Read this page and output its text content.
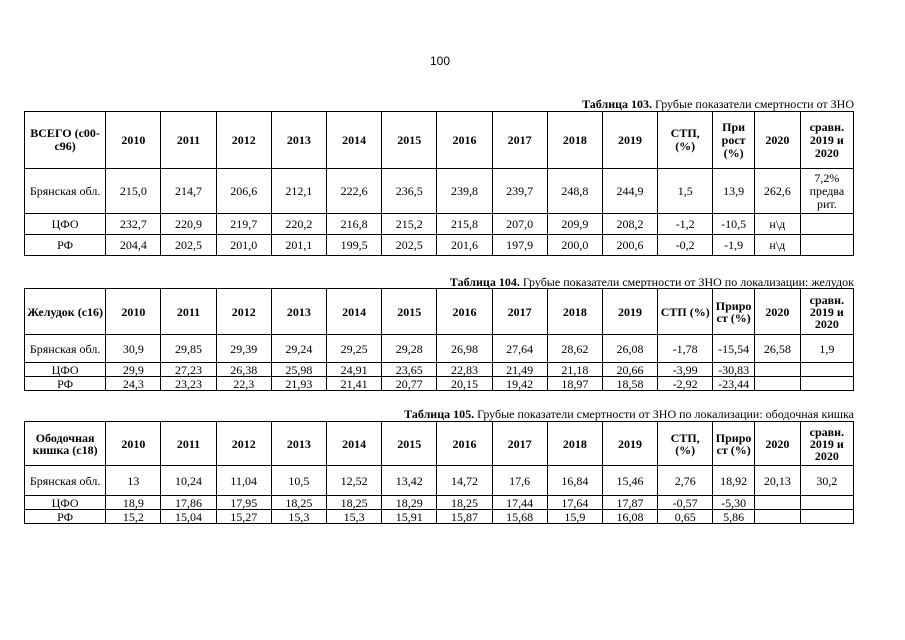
100
Таблица 103. Грубые показатели смертности от ЗНО
ВСЕГО (с00-с96)	2010	2011	2012	2013	2014	2015	2016	2017	2018	2019	СТП, (%)	При рост (%)	2020	сравн. 2019 и 2020
Брянская обл.	215,0	214,7	206,6	212,1	222,6	236,5	239,8	239,7	248,8	244,9	1,5	13,9	262,6	7,2% предва рит.
ЦФО	232,7	220,9	219,7	220,2	216,8	215,2	215,8	207,0	209,9	208,2	-1,2	-10,5	н\д	
РФ	204,4	202,5	201,0	201,1	199,5	202,5	201,6	197,9	200,0	200,6	-0,2	-1,9	н\д	
Таблица 104. Грубые показатели смертности от ЗНО по локализации: желудок
Желудок (с16)	2010	2011	2012	2013	2014	2015	2016	2017	2018	2019	СТП (%)	Приро ст (%)	2020	сравн. 2019 и 2020
Брянская обл.	30,9	29,85	29,39	29,24	29,25	29,28	26,98	27,64	28,62	26,08	-1,78	-15,54	26,58	1,9
ЦФО	29,9	27,23	26,38	25,98	24,91	23,65	22,83	21,49	21,18	20,66	-3,99	-30,83		
РФ	24,3	23,23	22,3	21,93	21,41	20,77	20,15	19,42	18,97	18,58	-2,92	-23,44		
Таблица 105. Грубые показатели смертности от ЗНО по локализации: ободочная кишка
Ободочная кишка (с18)	2010	2011	2012	2013	2014	2015	2016	2017	2018	2019	СТП, (%)	Приро ст (%)	2020	сравн. 2019 и 2020
Брянская обл.	13	10,24	11,04	10,5	12,52	13,42	14,72	17,6	16,84	15,46	2,76	18,92	20,13	30,2
ЦФО	18,9	17,86	17,95	18,25	18,25	18,29	18,25	17,44	17,64	17,87	-0,57	-5,30		
РФ	15,2	15,04	15,27	15,3	15,3	15,91	15,87	15,68	15,9	16,08	0,65	5,86		
